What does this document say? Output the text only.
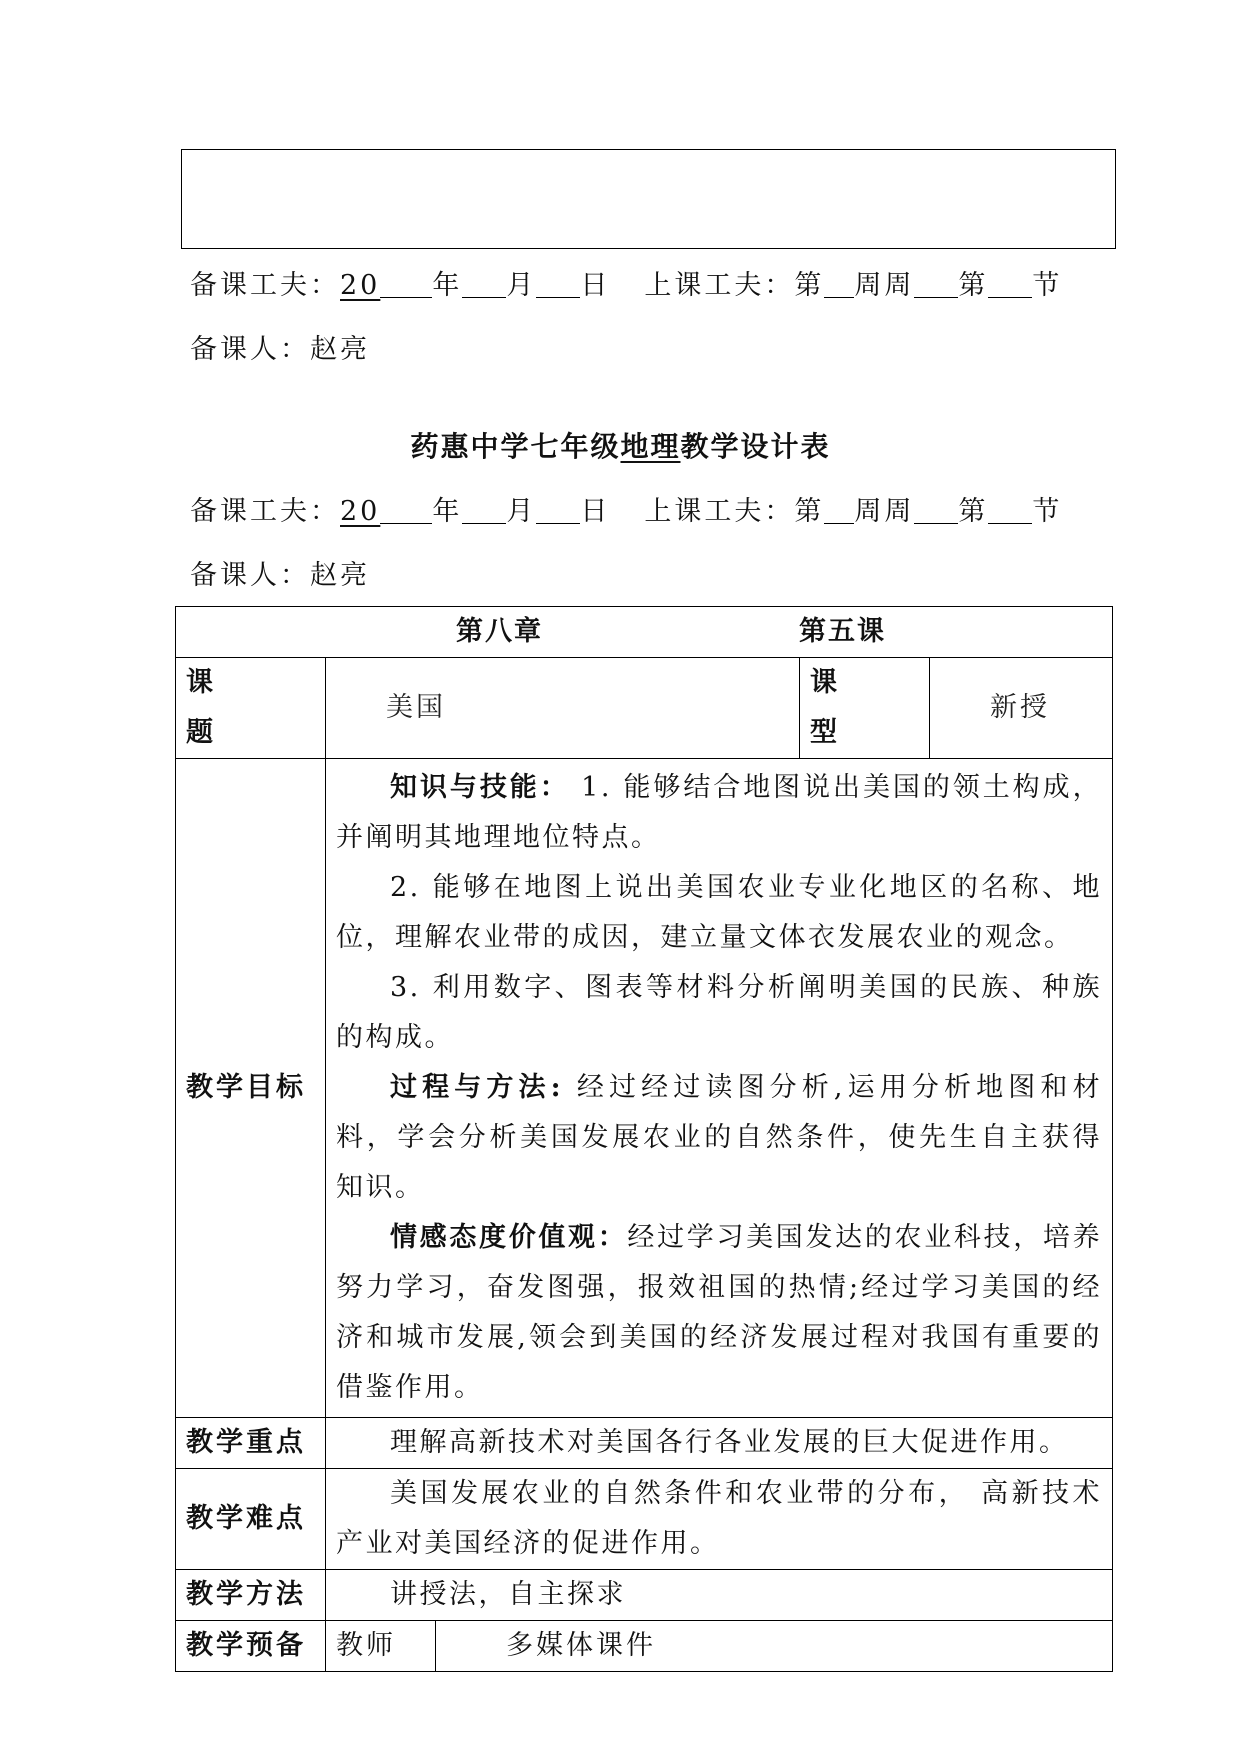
备课工夫：20 年 月 日 上课工夫：第 周周 第 节
备课人：赵亮
药惠中学七年级地理教学设计表
备课工夫：20 年 月 日 上课工夫：第 周周 第 节
备课人：赵亮
第八章 第五课				
课 题	美国		课 型	新授
教学目标	知识与技能： 1. 能够结合地图说出美国的领土构成，并阐明其地理地位特点。

2. 能够在地图上说出美国农业专业化地区的名称、地位，理解农业带的成因，建立量文体衣发展农业的观念。

3. 利用数字、图表等材料分析阐明美国的民族、种族的构成。

过程与方法: 经过经过读图分析,运用分析地图和材料，学会分析美国发展农业的自然条件，使先生自主获得知识。

情感态度价值观：经过学习美国发达的农业科技，培养努力学习，奋发图强，报效祖国的热情;经过学习美国的经济和城市发展,领会到美国的经济发展过程对我国有重要的借鉴作用。			

教学重点	理解高新技术对美国各行各业发展的巨大促进作用。			

教学难点	美国发展农业的自然条件和农业带的分布， 高新技术产业对美国经济的促进作用。			

教学方法	讲授法，自主探求			

教学预备	教师	多媒体课件		
